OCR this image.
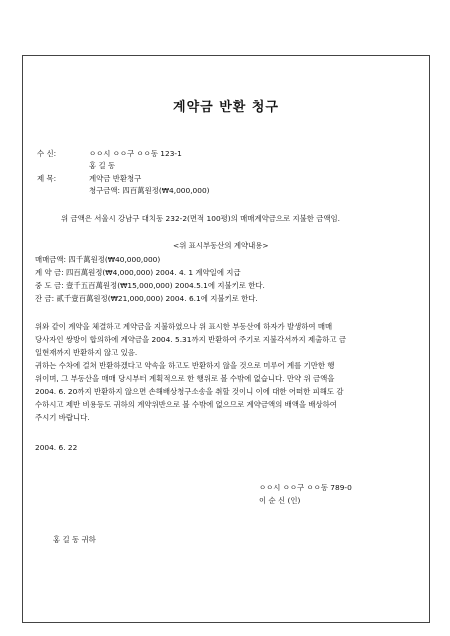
계약금 반환 청구
수 신:	ㅇㅇ시 ㅇㅇ구 ㅇㅇ동 123-1
홍 길 동
제 목:	계약금 반환청구
청구금액: 四百萬원정(₩4,000,000)
위 금액은 서울시 강남구 대치동 232-2(면적 100평)의 매매계약금으로 지불한 금액임.
<위 표시부동산의 계약내용>
매매금액: 四千萬원정(₩40,000,000)
계 약 금: 四百萬원정(₩4,000,000) 2004. 4. 1 계약일에 지급
중 도 금: 壹千五百萬원정(₩15,000,000) 2004.5.1에 지불키로 한다.
잔 금: 貳千壹百萬원정(₩21,000,000) 2004. 6.1에 지불키로 한다.
위와 같이 계약을 체결하고 계약금을 지불하였으나 위 표시한 부동산에 하자가 발생하여 매매
당사자인 쌍방이 합의하에 계약금을 2004. 5.31까지 반환하여 주기로 지불각서까지 제출하고 금
일현재까지 반환하지 않고 있음.
귀하는 수차에 걸쳐 반환하겠다고 약속을 하고도 반환하지 않을 것으로 미루어 계를 기만한 행
위이며, 그 부동산을 매매 당시부터 계획적으로 한 행위로 볼 수밖에 없습니다. 만약 위 금액을
2004. 6. 20까지 반환하지 않으면 손해배상청구소송을 취할 것이니 이에 대한 어떠한 피해도 감
수하시고 제반 비용등도 귀하의 계약위반으로 볼 수밖에 없으므로 계약금액의 배액을 배상하여
주시기 바랍니다.
2004. 6. 22
ㅇㅇ시 ㅇㅇ구 ㅇㅇ동 789-0
이 순 신 (인)
홍 길 동 귀하
